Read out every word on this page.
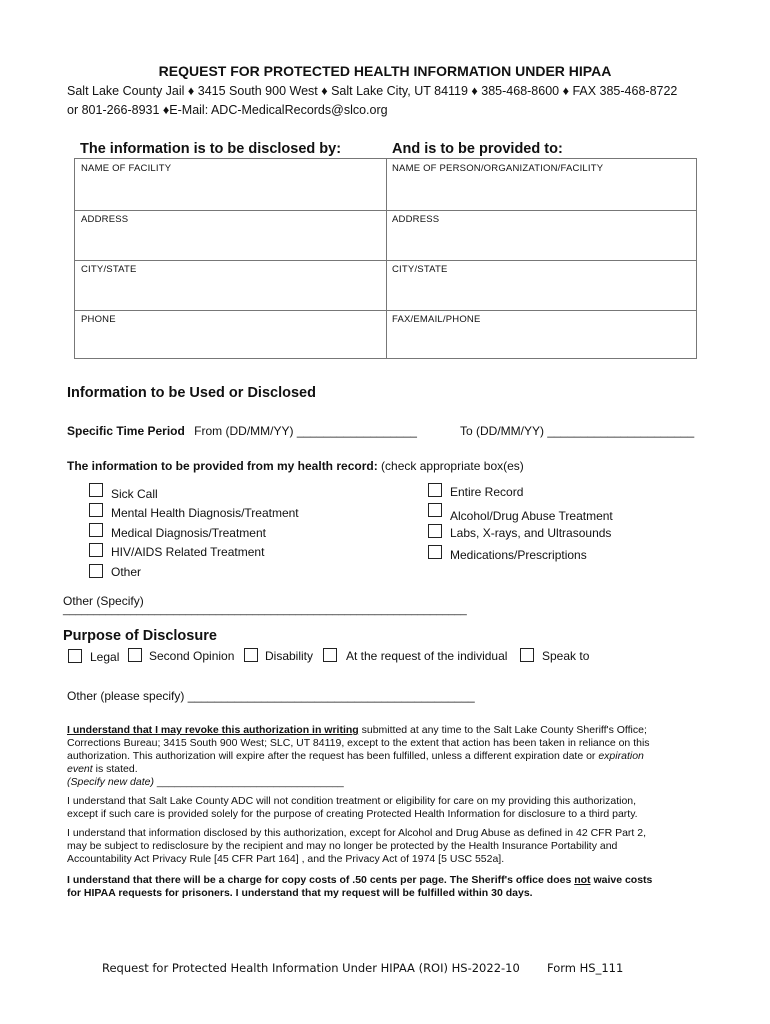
REQUEST FOR PROTECTED HEALTH INFORMATION UNDER HIPAA
Salt Lake County Jail ♦ 3415 South 900 West ♦ Salt Lake City, UT 84119 ♦ 385-468-8600 ♦ FAX 385-468-8722
or 801-266-8931 ♦E-Mail: ADC-MedicalRecords@slco.org
The information is to be disclosed by:	And is to be provided to:
NAME OF FACILITY	NAME OF PERSON/ORGANIZATION/FACILITY
ADDRESS	ADDRESS
CITY/STATE	CITY/STATE
PHONE	FAX/EMAIL/PHONE
Information to be Used or Disclosed
Specific Time Period From (DD/MM/YY) __________________	To (DD/MM/YY) ______________________
The information to be provided from my health record: (check appropriate box(es)
Sick Call
Mental Health Diagnosis/Treatment
Medical Diagnosis/Treatment
HIV/AIDS Related Treatment
Other
Entire Record
Alcohol/Drug Abuse Treatment
Labs, X-rays, and Ultrasounds
Medications/Prescriptions
Other (Specify)
__________________________________________________________________
Purpose of Disclosure
Legal Second Opinion	Disability	At the request of the individual	Speak to
Other (please specify) ___________________________________________
I understand that I may revoke this authorization in writing submitted at any time to the Salt Lake County Sheriff's Office;
Corrections Bureau; 3415 South 900 West; SLC, UT 84119, except to the extent that action has been taken in reliance on this
authorization. This authorization will expire after the request has been fulfilled, unless a different expiration date or expiration
event is stated.
(Specify new date) ________________________________
I understand that Salt Lake County ADC will not condition treatment or eligibility for care on my providing this authorization,
except if such care is provided solely for the purpose of creating Protected Health Information for disclosure to a third party.
I understand that information disclosed by this authorization, except for Alcohol and Drug Abuse as defined in 42 CFR Part 2,
may be subject to redisclosure by the recipient and may no longer be protected by the Health Insurance Portability and
Accountability Act Privacy Rule [45 CFR Part 164] , and the Privacy Act of 1974 [5 USC 552a].
I understand that there will be a charge for copy costs of .50 cents per page. The Sheriff's office does not waive costs
for HIPAA requests for prisoners. I understand that my request will be fulfilled within 30 days.
Request for Protected Health Information Under HIPAA (ROI) HS-2022-10 Form HS_111
